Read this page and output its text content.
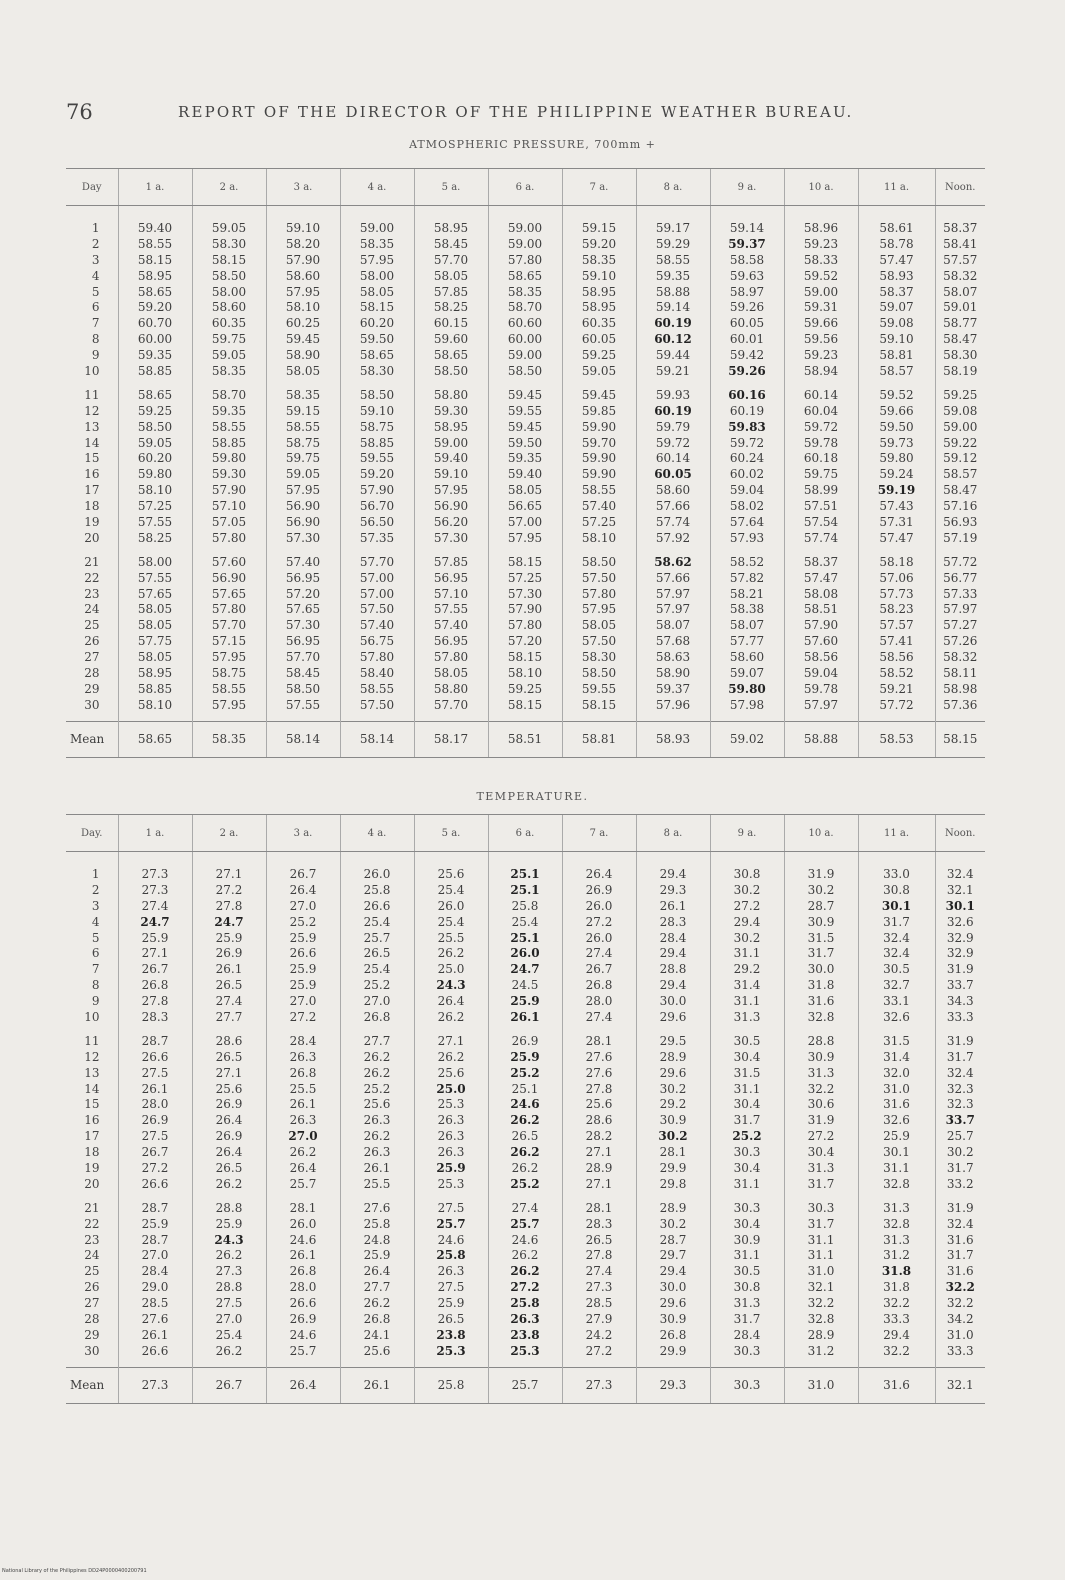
76	REPORT OF THE DIRECTOR OF THE PHILIPPINE WEATHER BUREAU.
ATMOSPHERIC PRESSURE, 700mm +
Day	1 a.	2 a.	3 a.	4 a.	5 a.	6 a.	7 a.	8 a.	9 a.	10 a.	11 a.	Noon.

1	59.40	59.05	59.10	59.00	58.95	59.00	59.15	59.17	59.14	58.96	58.61	58.37
2	58.55	58.30	58.20	58.35	58.45	59.00	59.20	59.29	59.37	59.23	58.78	58.41
3	58.15	58.15	57.90	57.95	57.70	57.80	58.35	58.55	58.58	58.33	57.47	57.57
4	58.95	58.50	58.60	58.00	58.05	58.65	59.10	59.35	59.63	59.52	58.93	58.32
5	58.65	58.00	57.95	58.05	57.85	58.35	58.95	58.88	58.97	59.00	58.37	58.07
6	59.20	58.60	58.10	58.15	58.25	58.70	58.95	59.14	59.26	59.31	59.07	59.01
7	60.70	60.35	60.25	60.20	60.15	60.60	60.35	60.19	60.05	59.66	59.08	58.77
8	60.00	59.75	59.45	59.50	59.60	60.00	60.05	60.12	60.01	59.56	59.10	58.47
9	59.35	59.05	58.90	58.65	58.65	59.00	59.25	59.44	59.42	59.23	58.81	58.30
10	58.85	58.35	58.05	58.30	58.50	58.50	59.05	59.21	59.26	58.94	58.57	58.19

11	58.65	58.70	58.35	58.50	58.80	59.45	59.45	59.93	60.16	60.14	59.52	59.25
12	59.25	59.35	59.15	59.10	59.30	59.55	59.85	60.19	60.19	60.04	59.66	59.08
13	58.50	58.55	58.55	58.75	58.95	59.45	59.90	59.79	59.83	59.72	59.50	59.00
14	59.05	58.85	58.75	58.85	59.00	59.50	59.70	59.72	59.72	59.78	59.73	59.22
15	60.20	59.80	59.75	59.55	59.40	59.35	59.90	60.14	60.24	60.18	59.80	59.12
16	59.80	59.30	59.05	59.20	59.10	59.40	59.90	60.05	60.02	59.75	59.24	58.57
17	58.10	57.90	57.95	57.90	57.95	58.05	58.55	58.60	59.04	58.99	59.19	58.47
18	57.25	57.10	56.90	56.70	56.90	56.65	57.40	57.66	58.02	57.51	57.43	57.16
19	57.55	57.05	56.90	56.50	56.20	57.00	57.25	57.74	57.64	57.54	57.31	56.93
20	58.25	57.80	57.30	57.35	57.30	57.95	58.10	57.92	57.93	57.74	57.47	57.19

21	58.00	57.60	57.40	57.70	57.85	58.15	58.50	58.62	58.52	58.37	58.18	57.72
22	57.55	56.90	56.95	57.00	56.95	57.25	57.50	57.66	57.82	57.47	57.06	56.77
23	57.65	57.65	57.20	57.00	57.10	57.30	57.80	57.97	58.21	58.08	57.73	57.33
24	58.05	57.80	57.65	57.50	57.55	57.90	57.95	57.97	58.38	58.51	58.23	57.97
25	58.05	57.70	57.30	57.40	57.40	57.80	58.05	58.07	58.07	57.90	57.57	57.27
26	57.75	57.15	56.95	56.75	56.95	57.20	57.50	57.68	57.77	57.60	57.41	57.26
27	58.05	57.95	57.70	57.80	57.80	58.15	58.30	58.63	58.60	58.56	58.56	58.32
28	58.95	58.75	58.45	58.40	58.05	58.10	58.50	58.90	59.07	59.04	58.52	58.11
29	58.85	58.55	58.50	58.55	58.80	59.25	59.55	59.37	59.80	59.78	59.21	58.98
30	58.10	57.95	57.55	57.50	57.70	58.15	58.15	57.96	57.98	57.97	57.72	57.36

Mean	58.65	58.35	58.14	58.14	58.17	58.51	58.81	58.93	59.02	58.88	58.53	58.15
TEMPERATURE.
Day.	1 a.	2 a.	3 a.	4 a.	5 a.	6 a.	7 a.	8 a.	9 a.	10 a.	11 a.	Noon.

1	27.3	27.1	26.7	26.0	25.6	25.1	26.4	29.4	30.8	31.9	33.0	32.4
2	27.3	27.2	26.4	25.8	25.4	25.1	26.9	29.3	30.2	30.2	30.8	32.1
3	27.4	27.8	27.0	26.6	26.0	25.8	26.0	26.1	27.2	28.7	30.1	30.1
4	24.7	24.7	25.2	25.4	25.4	25.4	27.2	28.3	29.4	30.9	31.7	32.6
5	25.9	25.9	25.9	25.7	25.5	25.1	26.0	28.4	30.2	31.5	32.4	32.9
6	27.1	26.9	26.6	26.5	26.2	26.0	27.4	29.4	31.1	31.7	32.4	32.9
7	26.7	26.1	25.9	25.4	25.0	24.7	26.7	28.8	29.2	30.0	30.5	31.9
8	26.8	26.5	25.9	25.2	24.3	24.5	26.8	29.4	31.4	31.8	32.7	33.7
9	27.8	27.4	27.0	27.0	26.4	25.9	28.0	30.0	31.1	31.6	33.1	34.3
10	28.3	27.7	27.2	26.8	26.2	26.1	27.4	29.6	31.3	32.8	32.6	33.3

11	28.7	28.6	28.4	27.7	27.1	26.9	28.1	29.5	30.5	28.8	31.5	31.9
12	26.6	26.5	26.3	26.2	26.2	25.9	27.6	28.9	30.4	30.9	31.4	31.7
13	27.5	27.1	26.8	26.2	25.6	25.2	27.6	29.6	31.5	31.3	32.0	32.4
14	26.1	25.6	25.5	25.2	25.0	25.1	27.8	30.2	31.1	32.2	31.0	32.3
15	28.0	26.9	26.1	25.6	25.3	24.6	25.6	29.2	30.4	30.6	31.6	32.3
16	26.9	26.4	26.3	26.3	26.3	26.2	28.6	30.9	31.7	31.9	32.6	33.7
17	27.5	26.9	27.0	26.2	26.3	26.5	28.2	30.2	25.2	27.2	25.9	25.7
18	26.7	26.4	26.2	26.3	26.3	26.2	27.1	28.1	30.3	30.4	30.1	30.2
19	27.2	26.5	26.4	26.1	25.9	26.2	28.9	29.9	30.4	31.3	31.1	31.7
20	26.6	26.2	25.7	25.5	25.3	25.2	27.1	29.8	31.1	31.7	32.8	33.2

21	28.7	28.8	28.1	27.6	27.5	27.4	28.1	28.9	30.3	30.3	31.3	31.9
22	25.9	25.9	26.0	25.8	25.7	25.7	28.3	30.2	30.4	31.7	32.8	32.4
23	28.7	24.3	24.6	24.8	24.6	24.6	26.5	28.7	30.9	31.1	31.3	31.6
24	27.0	26.2	26.1	25.9	25.8	26.2	27.8	29.7	31.1	31.1	31.2	31.7
25	28.4	27.3	26.8	26.4	26.3	26.2	27.4	29.4	30.5	31.0	31.8	31.6
26	29.0	28.8	28.0	27.7	27.5	27.2	27.3	30.0	30.8	32.1	31.8	32.2
27	28.5	27.5	26.6	26.2	25.9	25.8	28.5	29.6	31.3	32.2	32.2	32.2
28	27.6	27.0	26.9	26.8	26.5	26.3	27.9	30.9	31.7	32.8	33.3	34.2
29	26.1	25.4	24.6	24.1	23.8	23.8	24.2	26.8	28.4	28.9	29.4	31.0
30	26.6	26.2	25.7	25.6	25.3	25.3	27.2	29.9	30.3	31.2	32.2	33.3

Mean	27.3	26.7	26.4	26.1	25.8	25.7	27.3	29.3	30.3	31.0	31.6	32.1
National Library of the Philippines DD24P0000400200791
